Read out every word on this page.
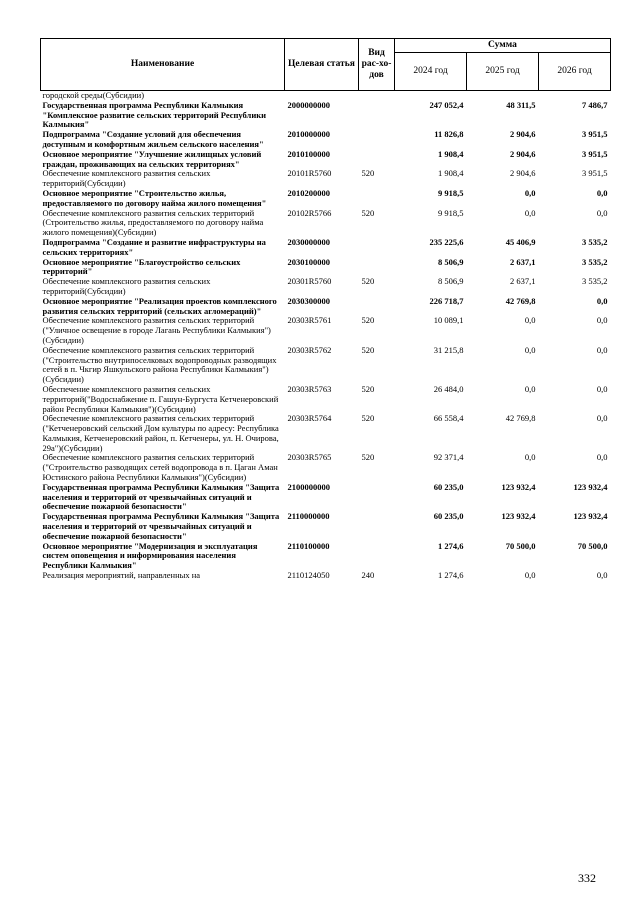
Наименование	Целевая статья	Вид рас-хо-дов	Сумма		
			2024 год	2025 год	2026 год
городской среды(Субсидии)					
Государственная программа Республики Калмыкия "Комплексное развитие сельских территорий Республики Калмыкия"	2000000000		247 052,4	48 311,5	7 486,7
Подпрограмма "Создание условий для обеспечения доступным и комфортным жильем сельского населения"	2010000000		11 826,8	2 904,6	3 951,5
Основное мероприятие "Улучшение жилищных условий граждан, проживающих на сельских территориях"	2010100000		1 908,4	2 904,6	3 951,5
Обеспечение комплексного развития сельских территорий(Субсидии)	20101R5760	520	1 908,4	2 904,6	3 951,5
Основное мероприятие "Строительство жилья, предоставляемого по договору найма жилого помещения"	2010200000		9 918,5	0,0	0,0
Обеспечение комплексного развития сельских территорий (Строительство жилья, предоставляемого по договору найма жилого помещения)(Субсидии)	20102R5766	520	9 918,5	0,0	0,0
Подпрограмма "Создание и развитие инфраструктуры на сельских территориях"	2030000000		235 225,6	45 406,9	3 535,2
Основное мероприятие "Благоустройство сельских территорий"	2030100000		8 506,9	2 637,1	3 535,2
Обеспечение комплексного развития сельских территорий(Субсидии)	20301R5760	520	8 506,9	2 637,1	3 535,2
Основное мероприятие "Реализация проектов комплексного развития сельских территорий (сельских агломераций)"	2030300000		226 718,7	42 769,8	0,0
Обеспечение комплексного развития сельских территорий ("Уличное освещение в городе Лагань Республики Калмыкия")(Субсидии)	20303R5761	520	10 089,1	0,0	0,0
Обеспечение комплексного развития сельских территорий ("Строительство внутрипоселковых водопроводных разводящих сетей в п. Чкгир Яшкульского района Республики Калмыкия")(Субсидии)	20303R5762	520	31 215,8	0,0	0,0
Обеспечение комплексного развития сельских территорий("Водоснабжение п. Гашун-Бургуста Кетченеровский район Республики Калмыкия")(Субсидии)	20303R5763	520	26 484,0	0,0	0,0
Обеспечение комплексного развития сельских территорий ("Кетченеровский сельский Дом культуры по адресу: Республика Калмыкия, Кетченеровский район, п. Кетченеры, ул. Н. Очирова, 29а")(Субсидии)	20303R5764	520	66 558,4	42 769,8	0,0
Обеспечение комплексного развития сельских территорий ("Строительство разводящих сетей водопровода в п. Цаган Аман Юстинского района Республики Калмыкия")(Субсидии)	20303R5765	520	92 371,4	0,0	0,0
Государственная программа Республики Калмыкия "Защита населения и территорий от чрезвычайных ситуаций и обеспечение пожарной безопасности"	2100000000		60 235,0	123 932,4	123 932,4
Государственная программа Республики Калмыкия "Защита населения и территорий от чрезвычайных ситуаций и обеспечение пожарной безопасности"	2110000000		60 235,0	123 932,4	123 932,4
Основное мероприятие "Модернизация и эксплуатация систем оповещения и информирования населения Республики Калмыкия"	2110100000		1 274,6	70 500,0	70 500,0
Реализация мероприятий, направленных на	2110124050	240	1 274,6	0,0	0,0
332
